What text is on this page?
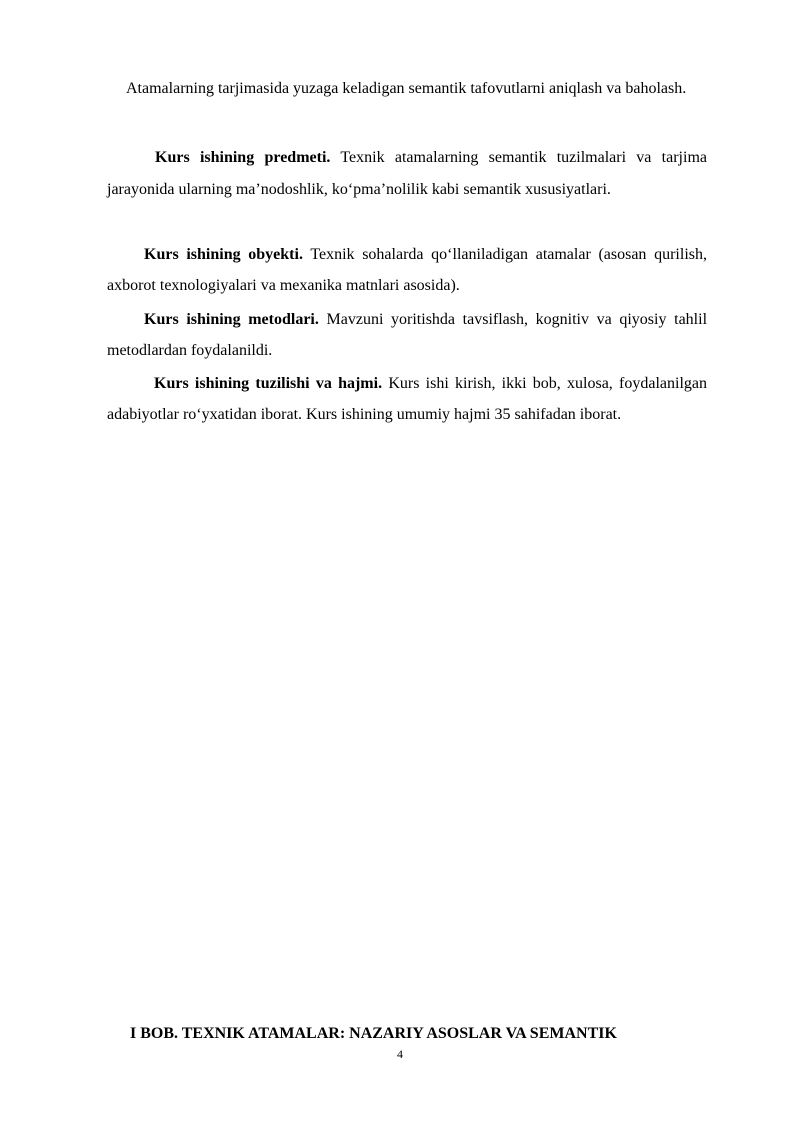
Atamalarning tarjimasida yuzaga keladigan semantik tafovutlarni aniqlash va baholash.

Kurs ishining predmeti. Texnik atamalarning semantik tuzilmalari va tarjima jarayonida ularning ma’nodoshlik, ko‘pma’nolilik kabi semantik xususiyatlari.

Kurs ishining obyekti. Texnik sohalarda qo‘llaniladigan atamalar (asosan qurilish, axborot texnologiyalari va mexanika matnlari asosida).

Kurs ishining metodlari. Mavzuni yoritishda tavsiflash, kognitiv va qiyosiy tahlil metodlardan foydalanildi.

Kurs ishining tuzilishi va hajmi. Kurs ishi kirish, ikki bob, xulosa, foydalanilgan adabiyotlar ro‘yxatidan iborat. Kurs ishining umumiy hajmi 35 sahifadan iborat.

I BOB. TEXNIK ATAMALAR: NAZARIY ASOSLAR VA SEMANTIK
4
